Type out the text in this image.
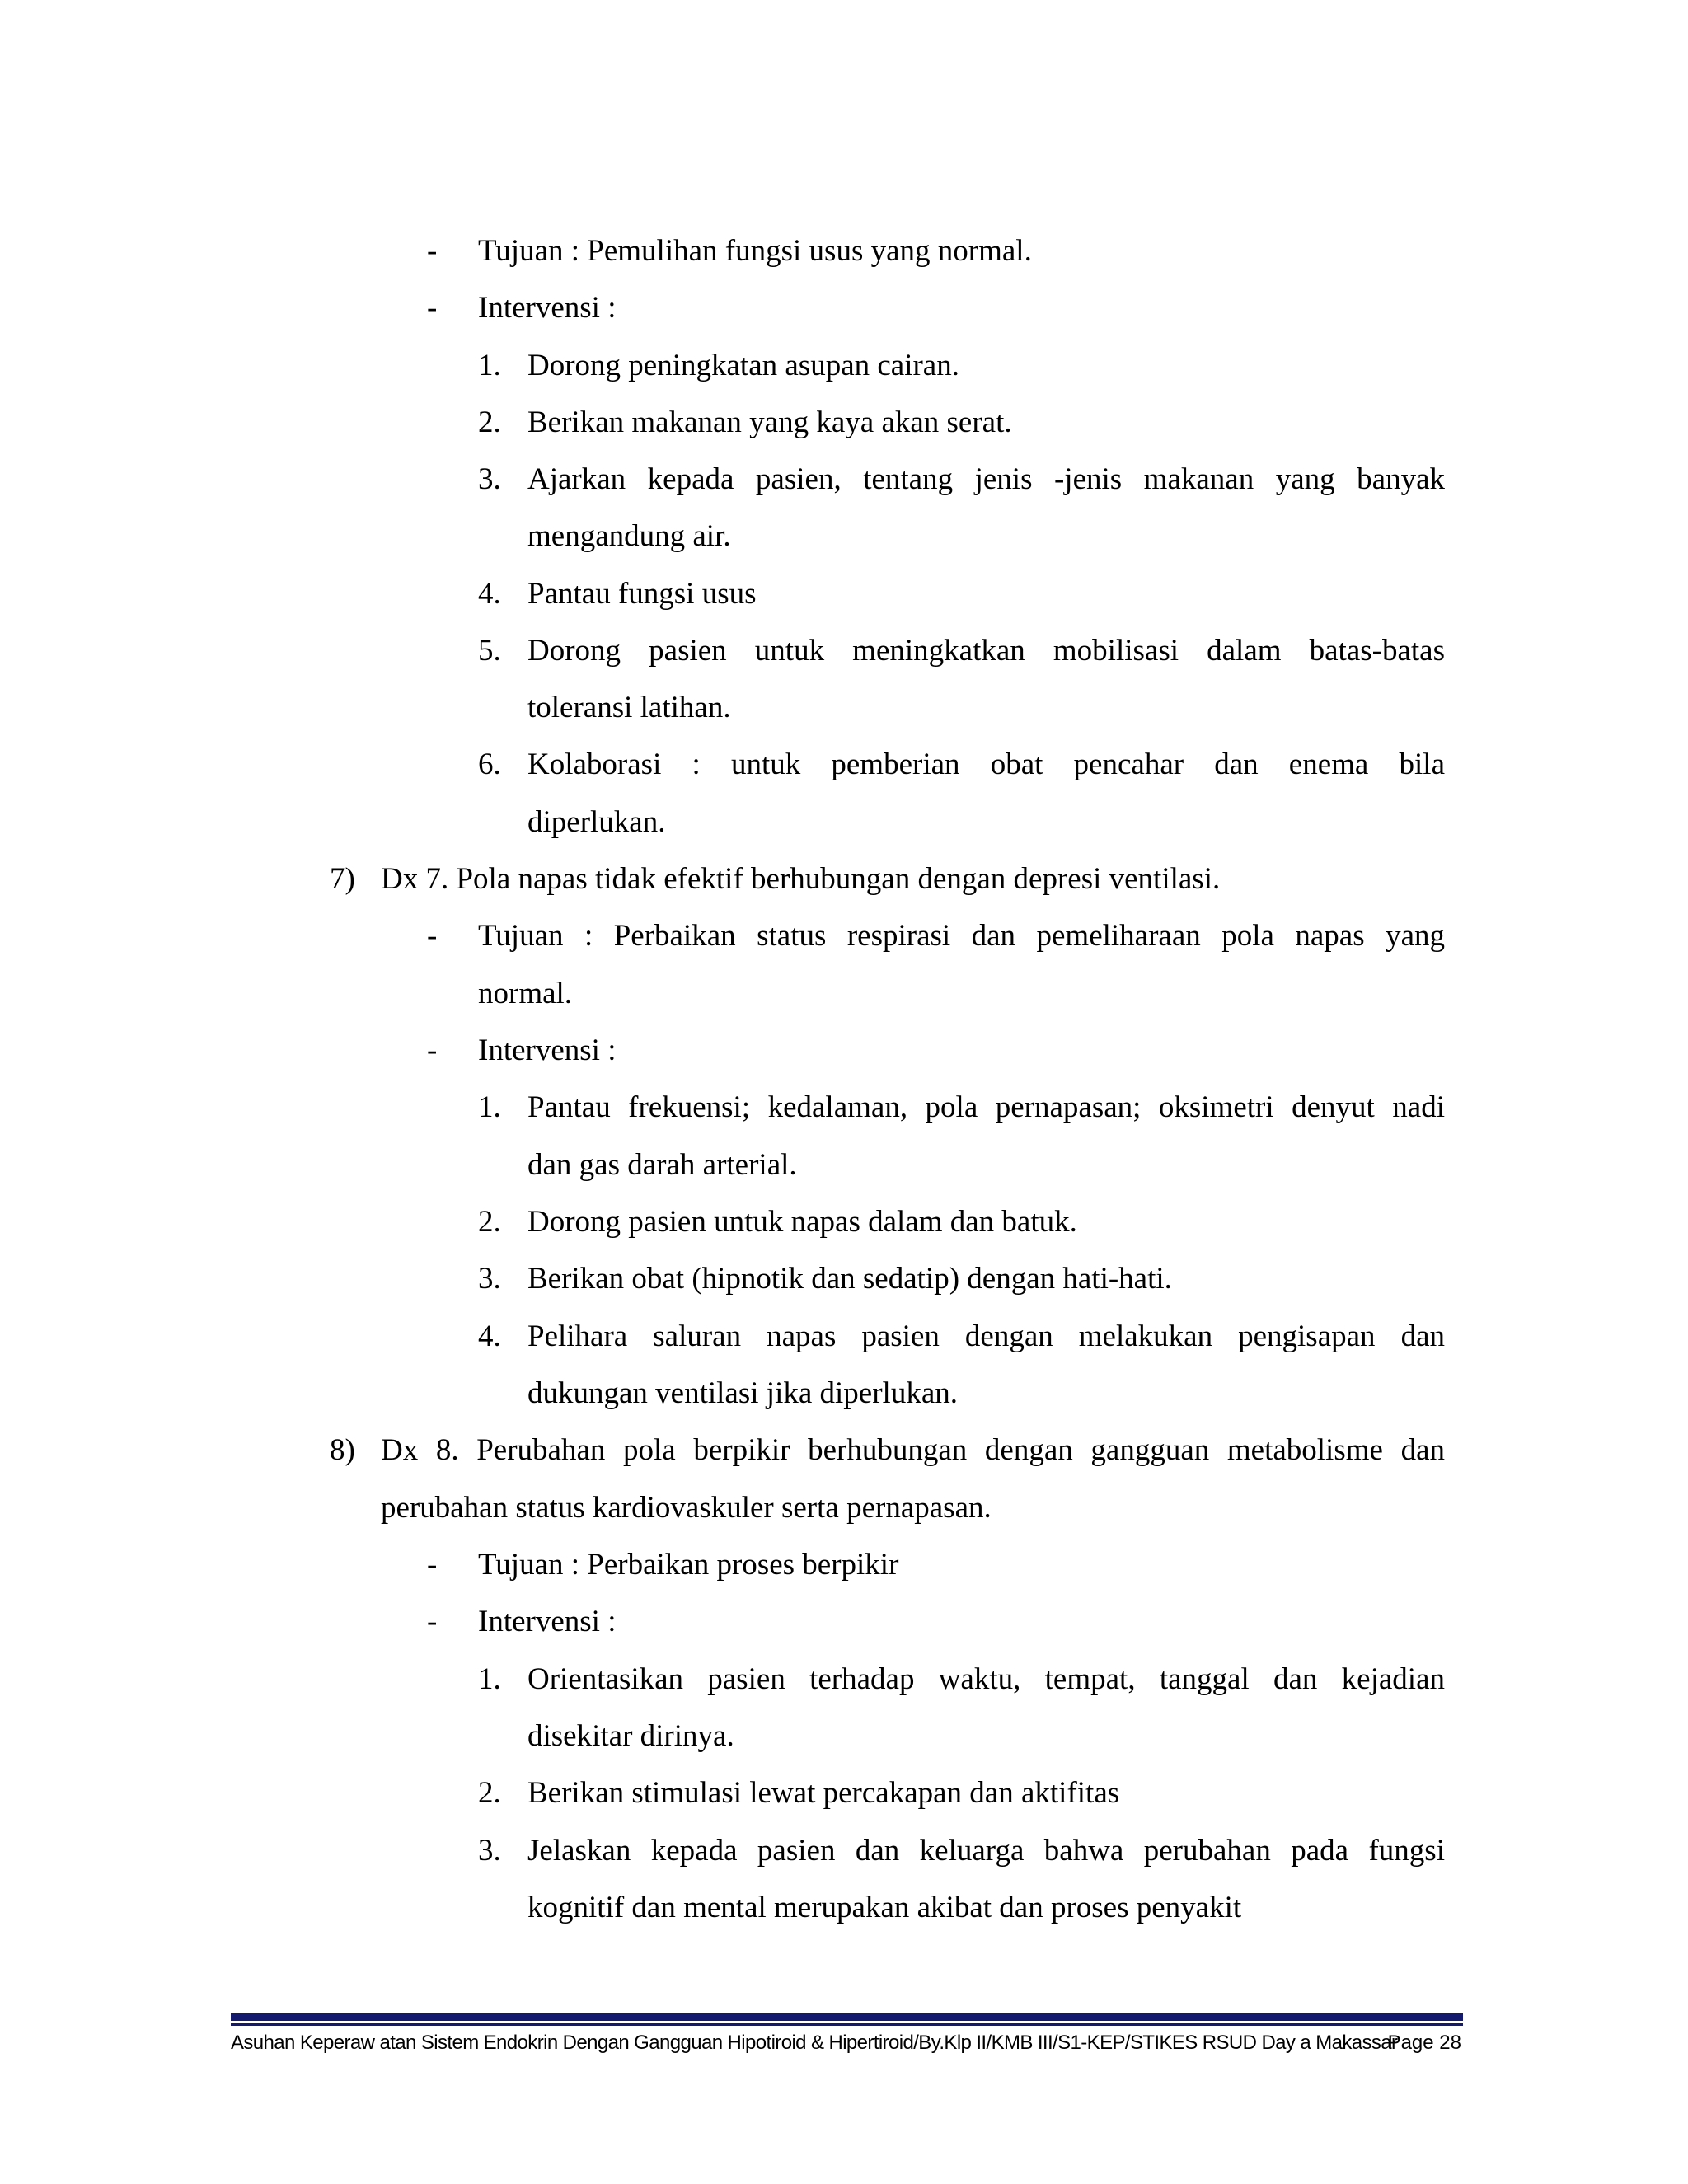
- Tujuan : Pemulihan fungsi usus yang normal.
- Intervensi :
1. Dorong peningkatan asupan cairan.
2. Berikan makanan yang kaya akan serat.
3. Ajarkan kepada pasien, tentang jenis -jenis makanan yang banyak
mengandung air.
4. Pantau fungsi usus
5. Dorong pasien untuk meningkatkan mobilisasi dalam batas-batas
toleransi latihan.
6. Kolaborasi : untuk pemberian obat pencahar dan enema bila
diperlukan.
7) Dx 7. Pola napas tidak efektif berhubungan dengan depresi ventilasi.
- Tujuan : Perbaikan status respirasi dan pemeliharaan pola napas yang
normal.
- Intervensi :
1. Pantau frekuensi; kedalaman, pola pernapasan; oksimetri denyut nadi
dan gas darah arterial.
2. Dorong pasien untuk napas dalam dan batuk.
3. Berikan obat (hipnotik dan sedatip) dengan hati-hati.
4. Pelihara saluran napas pasien dengan melakukan pengisapan dan
dukungan ventilasi jika diperlukan.
8) Dx 8. Perubahan pola berpikir berhubungan dengan gangguan metabolisme dan
perubahan status kardiovaskuler serta pernapasan.
- Tujuan : Perbaikan proses berpikir
- Intervensi :
1. Orientasikan pasien terhadap waktu, tempat, tanggal dan kejadian
disekitar dirinya.
2. Berikan stimulasi lewat percakapan dan aktifitas
3. Jelaskan kepada pasien dan keluarga bahwa perubahan pada fungsi
kognitif dan mental merupakan akibat dan proses penyakit
Asuhan Keperaw atan Sistem Endokrin Dengan Gangguan Hipotiroid & Hipertiroid/By.Klp II/KMB III/S1-KEP/STIKES RSUD Day a Makassar
Page 28
